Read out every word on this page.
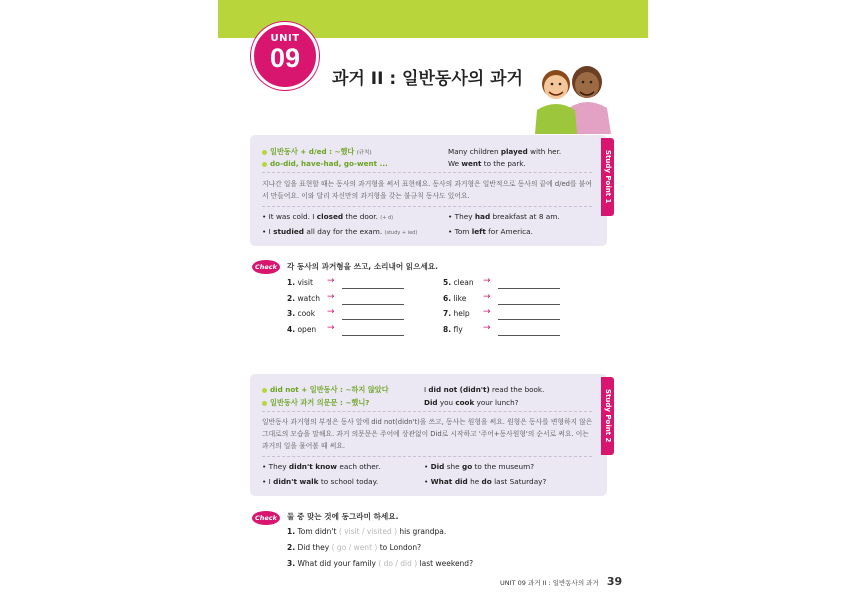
UNIT
09
과거 II : 일반동사의 과거
Study Point 1
일반동사 + d/ed : ~했다 (규칙)	Many children played with her.
do-did, have-had, go-went ...	We went to the park.
지나간 일을 표현할 때는 동사의 과거형을 써서 표현해요. 동사의 과거형은 일반적으로 동사의 끝에 d/ed를 붙여서 만들어요. 이와 달리 자신만의 과거형을 갖는 불규칙 동사도 있어요.
• It was cold. I closed the door. (+ d)	• They had breakfast at 8 am.
• I studied all day for the exam. (study + ied)	• Tom left for America.
Check	각 동사의 과거형을 쓰고, 소리내어 읽으세요.
1. visit →
2. watch →
3. cook →
4. open →
5. clean →
6. like →
7. help →
8. fly →
Study Point 2
did not + 일반동사 : ~하지 않았다	I did not (didn't) read the book.
일반동사 과거 의문문 : ~했니?	Did you cook your lunch?
일반동사 과거형의 부정은 동사 앞에 did not(didn't)을 쓰고, 동사는 원형을 써요. 원형은 동사를 변형하지 않은 그대로의 모습을 말해요. 과거 의문문은 주어에 상관없이 Did로 시작하고 '주어+동사원형'의 순서로 써요. 이는 과거의 일을 물어볼 때 써요.
• They didn't know each other.	• Did she go to the museum?
• I didn't walk to school today.	• What did he do last Saturday?
Check	둘 중 맞는 것에 동그라미 하세요.
1. Tom didn't ( visit / visited ) his grandpa.
2. Did they ( go / went ) to London?
3. What did your family ( do / did ) last weekend?
UNIT 09 과거 II : 일반동사의 과거 39
